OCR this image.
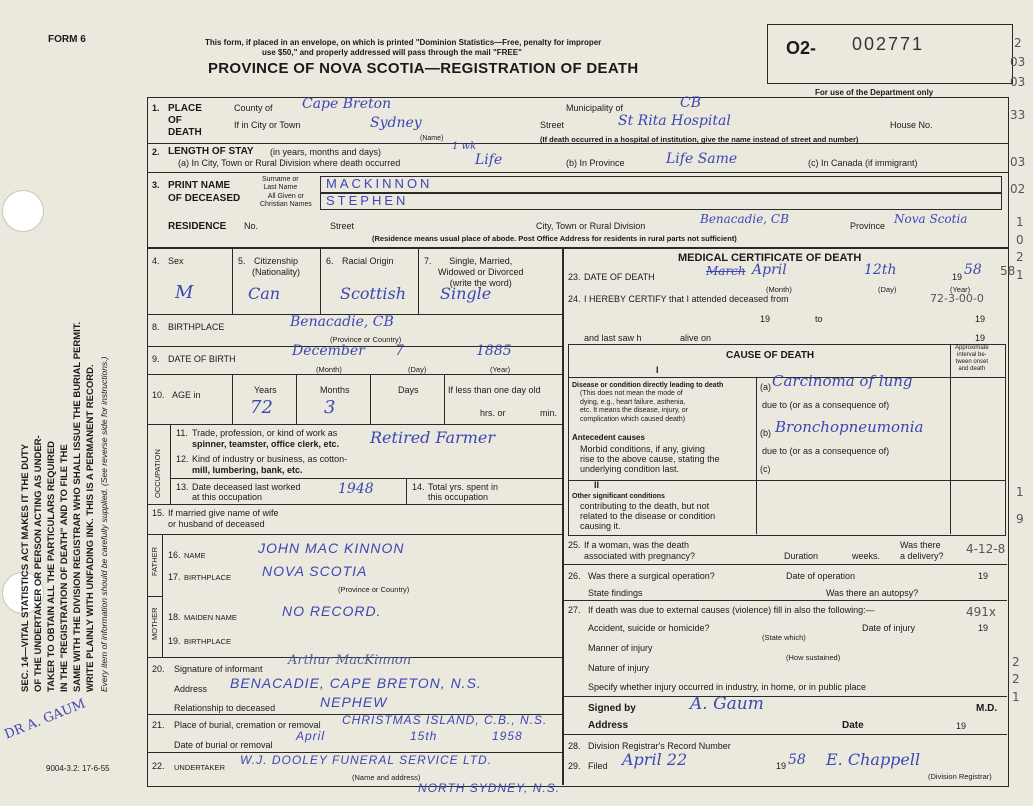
FORM 6	This form, if placed in an envelope, on which is printed "Dominion Statistics—Free, penalty for improper
use $50," and properly addressed will pass through the mail "FREE"
PROVINCE OF NOVA SCOTIA—REGISTRATION OF DEATH
O2- 002771
For use of the Department only
SEC. 14—VITAL STATISTICS ACT MAKES IT THE DUTY OF THE UNDERTAKER OR PERSON ACTING AS UNDER- TAKER TO OBTAIN ALL THE PARTICULARS REQUIRED IN THE "REGISTRATION OF DEATH" AND TO FILE THE SAME WITH THE DIVISION REGISTRAR WHO SHALL ISSUE THE BURIAL PERMIT. WRITE PLAINLY WITH UNFADING INK. THIS IS A PERMANENT RECORD. Every item of information should be carefully supplied. (See reverse side for instructions.)
DR A. GAUM
9004-3.2: 17-6-55
1. PLACE
OF
DEATH
County of Cape Breton	Municipality of	CB
If in City or Town	Sydney
(Name)
Street	St Rita Hospital	House No.
(If death occurred in a hospital of institution, give the name instead of street and number)
2. LENGTH OF STAY (in years, months and days)
(a) In City, Town or Rural Division where death occurred
1 wk
Life	(b) In Province	Life Same	(c) In Canada (if immigrant)
3. PRINT NAME
OF DECEASED
Surname or
Last Name
All Given or
Christian Names
MACKINNON
STEPHEN
RESIDENCE No.	Street	City, Town or Rural Division	Benacadie, CB	Province Nova Scotia
(Residence means usual place of abode. Post Office Address for residents in rural parts not sufficient)
4. Sex
M
5. Citizenship
(Nationality)
Can
6. Racial Origin
Scottish
7.	Single, Married,
Widowed or Divorced
(write the word)
Single
8. BIRTHPLACE	Benacadie, CB
(Province or Country)
9. DATE OF BIRTH	December 7	1885
(Month)	(Day)	(Year)
10. AGE in	Years	Months	Days
72	3
If less than one day old
hrs. or	min.
OCCUPATION
11. Trade, profession, or kind of work as
spinner, teamster, office clerk, etc. Retired Farmer
12. Kind of industry or business, as cotton-
mill, lumbering, bank, etc.
13. Date deceased last worked
at this occupation	1948	14. Total yrs. spent in
this occupation
15. If married give name of wife
or husband of deceased
FATHER
MOTHER
16. NAME	JOHN MAC KINNON
17. BIRTHPLACE NOVA SCOTIA
(Province or Country)
18. MAIDEN NAME	NO RECORD.
19. BIRTHPLACE
20. Signature of informant
Arthur MacKinnon
Address BENACADIE, CAPE BRETON, N.S.
Relationship to deceased	NEPHEW
21. Place of burial, cremation or removal CHRISTMAS ISLAND, C.B., N.S.
Date of burial or removal
April	15th	1958
22. UNDERTAKER
W.J. DOOLEY FUNERAL SERVICE LTD.
(Name and address)
NORTH SYDNEY, N.S.
MEDICAL CERTIFICATE OF DEATH
23. DATE OF DEATH	March April	12th	19 58
(Month)	(Day)	(Year)
24. I HEREBY CERTIFY that I attended deceased from
19	to	19
and last saw h	alive on	19
CAUSE OF DEATH
Approximate
interval be-
tween onset
and death
I
Disease or condition directly leading to death
(This does not mean the mode of
dying, e.g., heart failure, asthenia,
etc. It means the disease, injury, or
complication which caused death)
(a) Carcinoma of lung
due to (or as a consequence of)
Antecedent causes
Morbid conditions, if any, giving
rise to the above cause, stating the
underlying condition last.
(b) Bronchopneumonia
due to (or as a consequence of)
(c)
II
Other significant conditions
contributing to the death, but not
related to the disease or condition
causing it.
25. If a woman, was the death
associated with pregnancy?	Duration	weeks.
Was there
a delivery?
26. Was there a surgical operation?	Date of operation	19
State findings	Was there an autopsy?
27. If death was due to external causes (violence) fill in also the following:—
Accident, suicide or homicide?
(State which)
Date of injury	19
Manner of injury
(How sustained)
Nature of injury
Specify whether injury occurred in industry, in home, or in public place
Signed by	A. Gaum	M.D.
Address	Date	19
28. Division Registrar's Record Number
29. Filed April 22	19 58 E. Chappell
(Division Registrar)
2
03
03
33
03
02
1
0
2
1
58
72-3-00-0
4-12-8
491x
1
9
2
2
1
